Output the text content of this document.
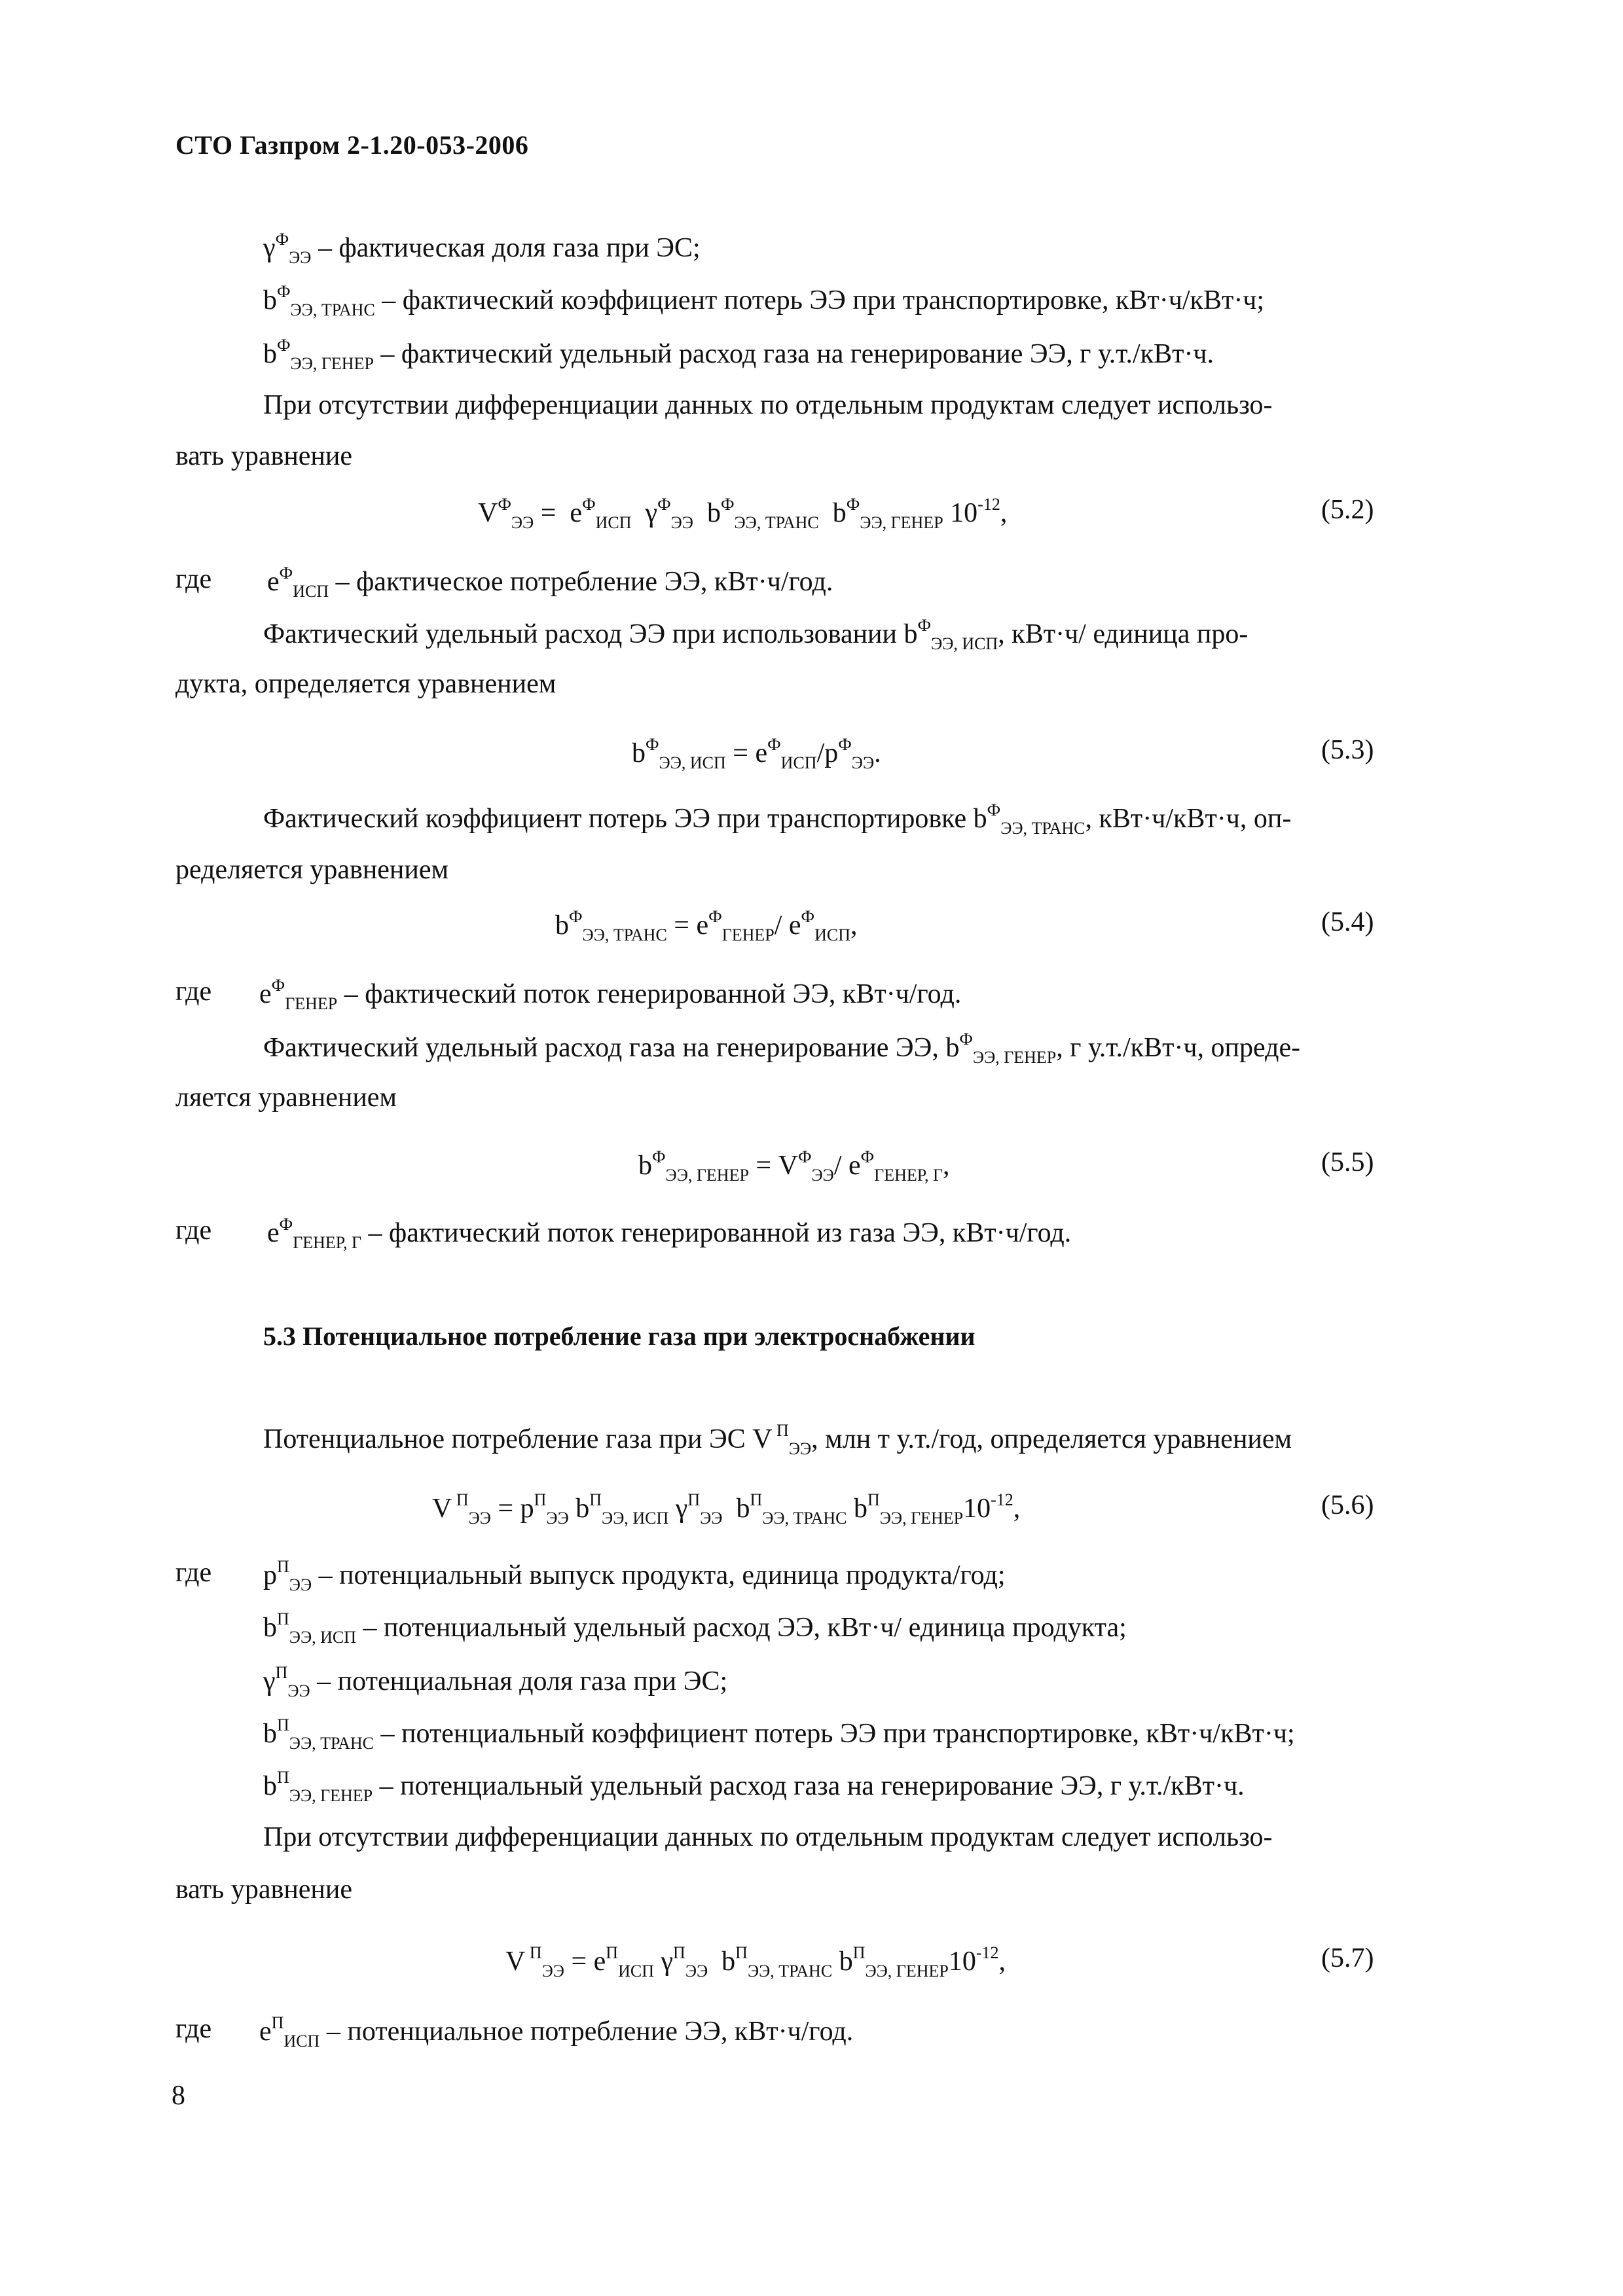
СТО Газпром 2-1.20-053-2006
$\gamma^Ф_{ЭЭ}$ – фактическая доля газа при ЭС;
$b^Ф_{ЭЭ, ТРАНС}$ – фактический коэффициент потерь ЭЭ при транспортировке, кВт·ч/кВт·ч;
$b^Ф_{ЭЭ, ГЕНЕР}$ – фактический удельный расход газа на генерирование ЭЭ, г у.т./кВт·ч.
При отсутствии дифференциации данных по отдельным продуктам следует использо-
вать уравнение
$V^Ф_{ЭЭ} = e^Ф_{ИСП}$ $\gamma^Ф_{ЭЭ}$ $b^Ф_{ЭЭ, ТРАНС}$ $b^Ф_{ЭЭ, ГЕНЕР}$ $10^{-12}$,	(5.2)
где $e^Ф_{ИСП}$ – фактическое потребление ЭЭ, кВт·ч/год.
Фактический удельный расход ЭЭ при использовании $b^Ф_{ЭЭ, ИСП}$, кВт·ч/ единица про-
дукта, определяется уравнением
$b^Ф_{ЭЭ, ИСП} = e^Ф_{ИСП}/p^Ф_{ЭЭ}$.	(5.3)
Фактический коэффициент потерь ЭЭ при транспортировке $b^Ф_{ЭЭ, ТРАНС}$, кВт·ч/кВт·ч, оп-
ределяется уравнением
$b^Ф_{ЭЭ, ТРАНС} = e^Ф_{ГЕНЕР}/$ $e^Ф_{ИСП}$,	(5.4)
где $e^Ф_{ГЕНЕР}$ – фактический поток генерированной ЭЭ, кВт·ч/год.
Фактический удельный расход газа на генерирование ЭЭ, $b^Ф_{ЭЭ, ГЕНЕР}$, г у.т./кВт·ч, опреде-
ляется уравнением
$b^Ф_{ЭЭ, ГЕНЕР} = V^Ф_{ЭЭ}/$ $e^Ф_{ГЕНЕР, Г}$,	(5.5)
где $e^Ф_{ГЕНЕР, Г}$ – фактический поток генерированной из газа ЭЭ, кВт·ч/год.
5.3 Потенциальное потребление газа при электроснабжении
Потенциальное потребление газа при ЭС V $^П_{ЭЭ}$, млн т у.т./год, определяется уравнением
V $^П_{ЭЭ} = p^П_{ЭЭ}$ $b^П_{ЭЭ, ИСП}$ $\gamma^П_{ЭЭ}$ $b^П_{ЭЭ, ТРАНС}$ $b^П_{ЭЭ, ГЕНЕР}10^{-12}$,	(5.6)
где $p^П_{ЭЭ}$ – потенциальный выпуск продукта, единица продукта/год;
$b^П_{ЭЭ, ИСП}$ – потенциальный удельный расход ЭЭ, кВт·ч/ единица продукта;
$\gamma^П_{ЭЭ}$ – потенциальная доля газа при ЭС;
$b^П_{ЭЭ, ТРАНС}$ – потенциальный коэффициент потерь ЭЭ при транспортировке, кВт·ч/кВт·ч;
$b^П_{ЭЭ, ГЕНЕР}$ – потенциальный удельный расход газа на генерирование ЭЭ, г у.т./кВт·ч.
При отсутствии дифференциации данных по отдельным продуктам следует использо-
вать уравнение
V $^П_{ЭЭ} = e^П_{ИСП}$ $\gamma^П_{ЭЭ}$ $b^П_{ЭЭ, ТРАНС}$ $b^П_{ЭЭ, ГЕНЕР}10^{-12}$,	(5.7)
где $e^П_{ИСП}$ – потенциальное потребление ЭЭ, кВт·ч/год.
8
